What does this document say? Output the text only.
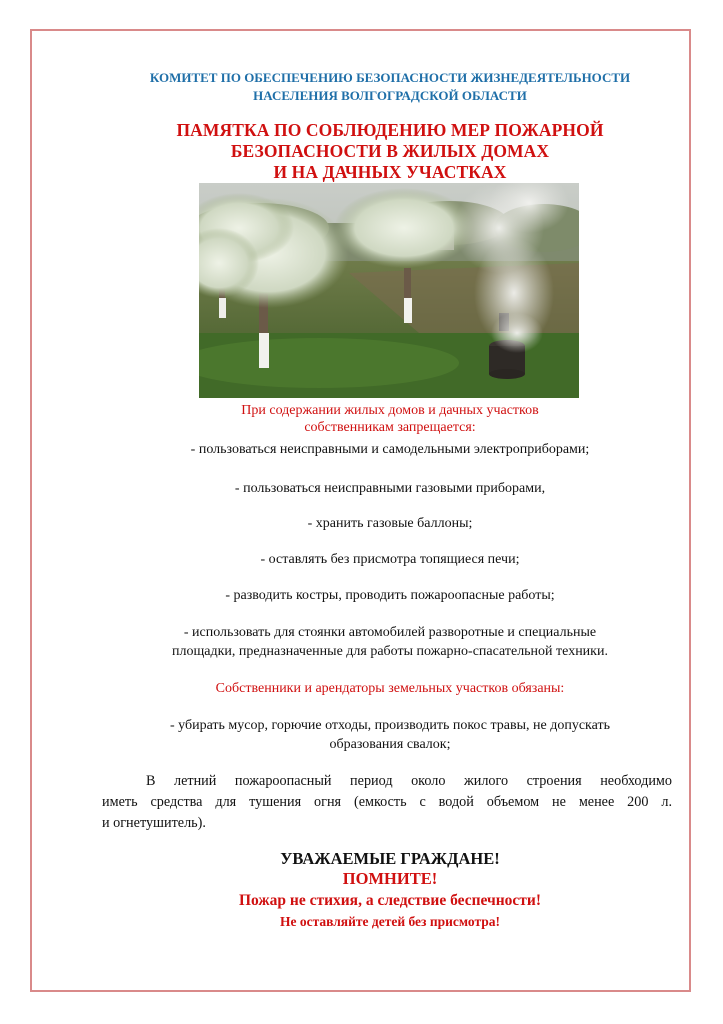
КОМИТЕТ ПО ОБЕСПЕЧЕНИЮ БЕЗОПАСНОСТИ ЖИЗНЕДЕЯТЕЛЬНОСТИ
НАСЕЛЕНИЯ ВОЛГОГРАДСКОЙ ОБЛАСТИ
ПАМЯТКА ПО СОБЛЮДЕНИЮ МЕР ПОЖАРНОЙ
БЕЗОПАСНОСТИ В ЖИЛЫХ ДОМАХ
И НА ДАЧНЫХ УЧАСТКАХ
При содержании жилых домов и дачных участков
собственникам запрещается:
- пользоваться неисправными и самодельными электроприборами;
- пользоваться неисправными газовыми приборами,
- хранить газовые баллоны;
- оставлять без присмотра топящиеся печи;
- разводить костры, проводить пожароопасные работы;
- использовать для стоянки автомобилей разворотные и специальные
площадки, предназначенные для работы пожарно-спасательной техники.
Собственники и арендаторы земельных участков обязаны:
- убирать мусор, горючие отходы, производить покос травы, не допускать
образования свалок;
В летний пожароопасный период около жилого строения необходимо
иметь средства для тушения огня (емкость с водой объемом не менее 200 л.
и огнетушитель).
УВАЖАЕМЫЕ ГРАЖДАНЕ!
ПОМНИТЕ!
Пожар не стихия, а следствие беспечности!
Не оставляйте детей без присмотра!
